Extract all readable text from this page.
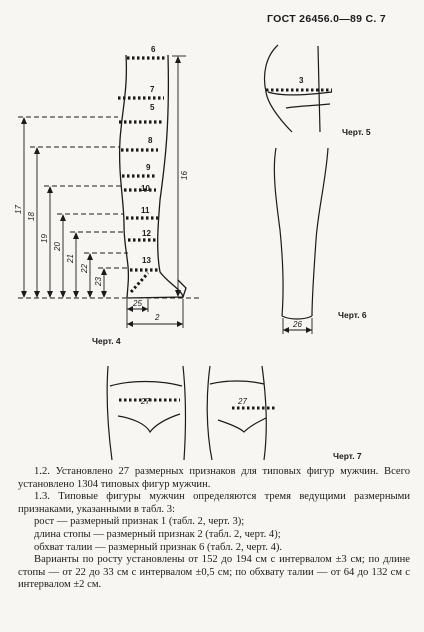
ГОСТ 26456.0—89 С. 7
6
7
5
8
9
10
11
12
13
17
18
19
20
21
22
23
16
25
2
Черт. 4
3
Черт. 5
26
Черт. 6
27	27
Черт. 7

1.2. Установлено 27 размерных признаков для типовых фигур мужчин. Всего установлено 1304 типовых фигур мужчин.

1.3. Типовые фигуры мужчин определяются тремя ведущими размерными признаками, указанными в табл. 3:

рост — размерный признак 1 (табл. 2, черт. 3);

длина стопы — размерный признак 2 (табл. 2, черт. 4);

обхват талии — размерный признак 6 (табл. 2, черт. 4).

Варианты по росту установлены от 152 до 194 см с интервалом ±3 см; по длине стопы — от 22 до 33 см с интервалом ±0,5 см; по обхвату талии — от 64 до 132 см с интервалом ±2 см.
